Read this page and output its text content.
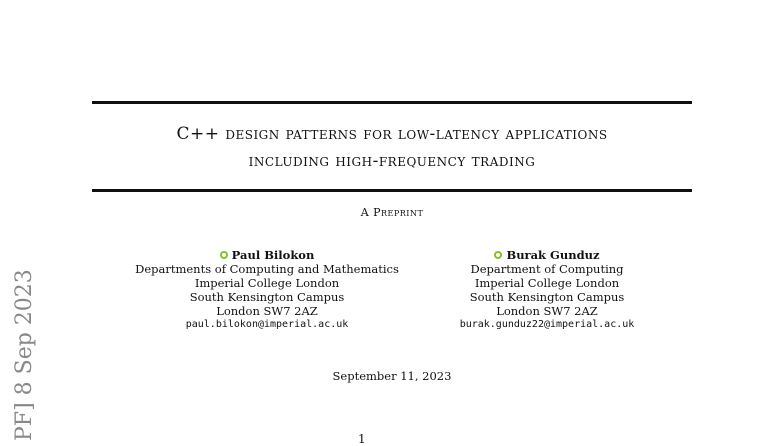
C++ design patterns for low-latency applications
including high-frequency trading
A Preprint
Paul Bilokon
Departments of Computing and Mathematics
Imperial College London
South Kensington Campus
London SW7 2AZ
paul.bilokon@imperial.ac.uk
Burak Gunduz
Department of Computing
Imperial College London
South Kensington Campus
London SW7 2AZ
burak.gunduz22@imperial.ac.uk
September 11, 2023
PF] 8 Sep 2023	1
